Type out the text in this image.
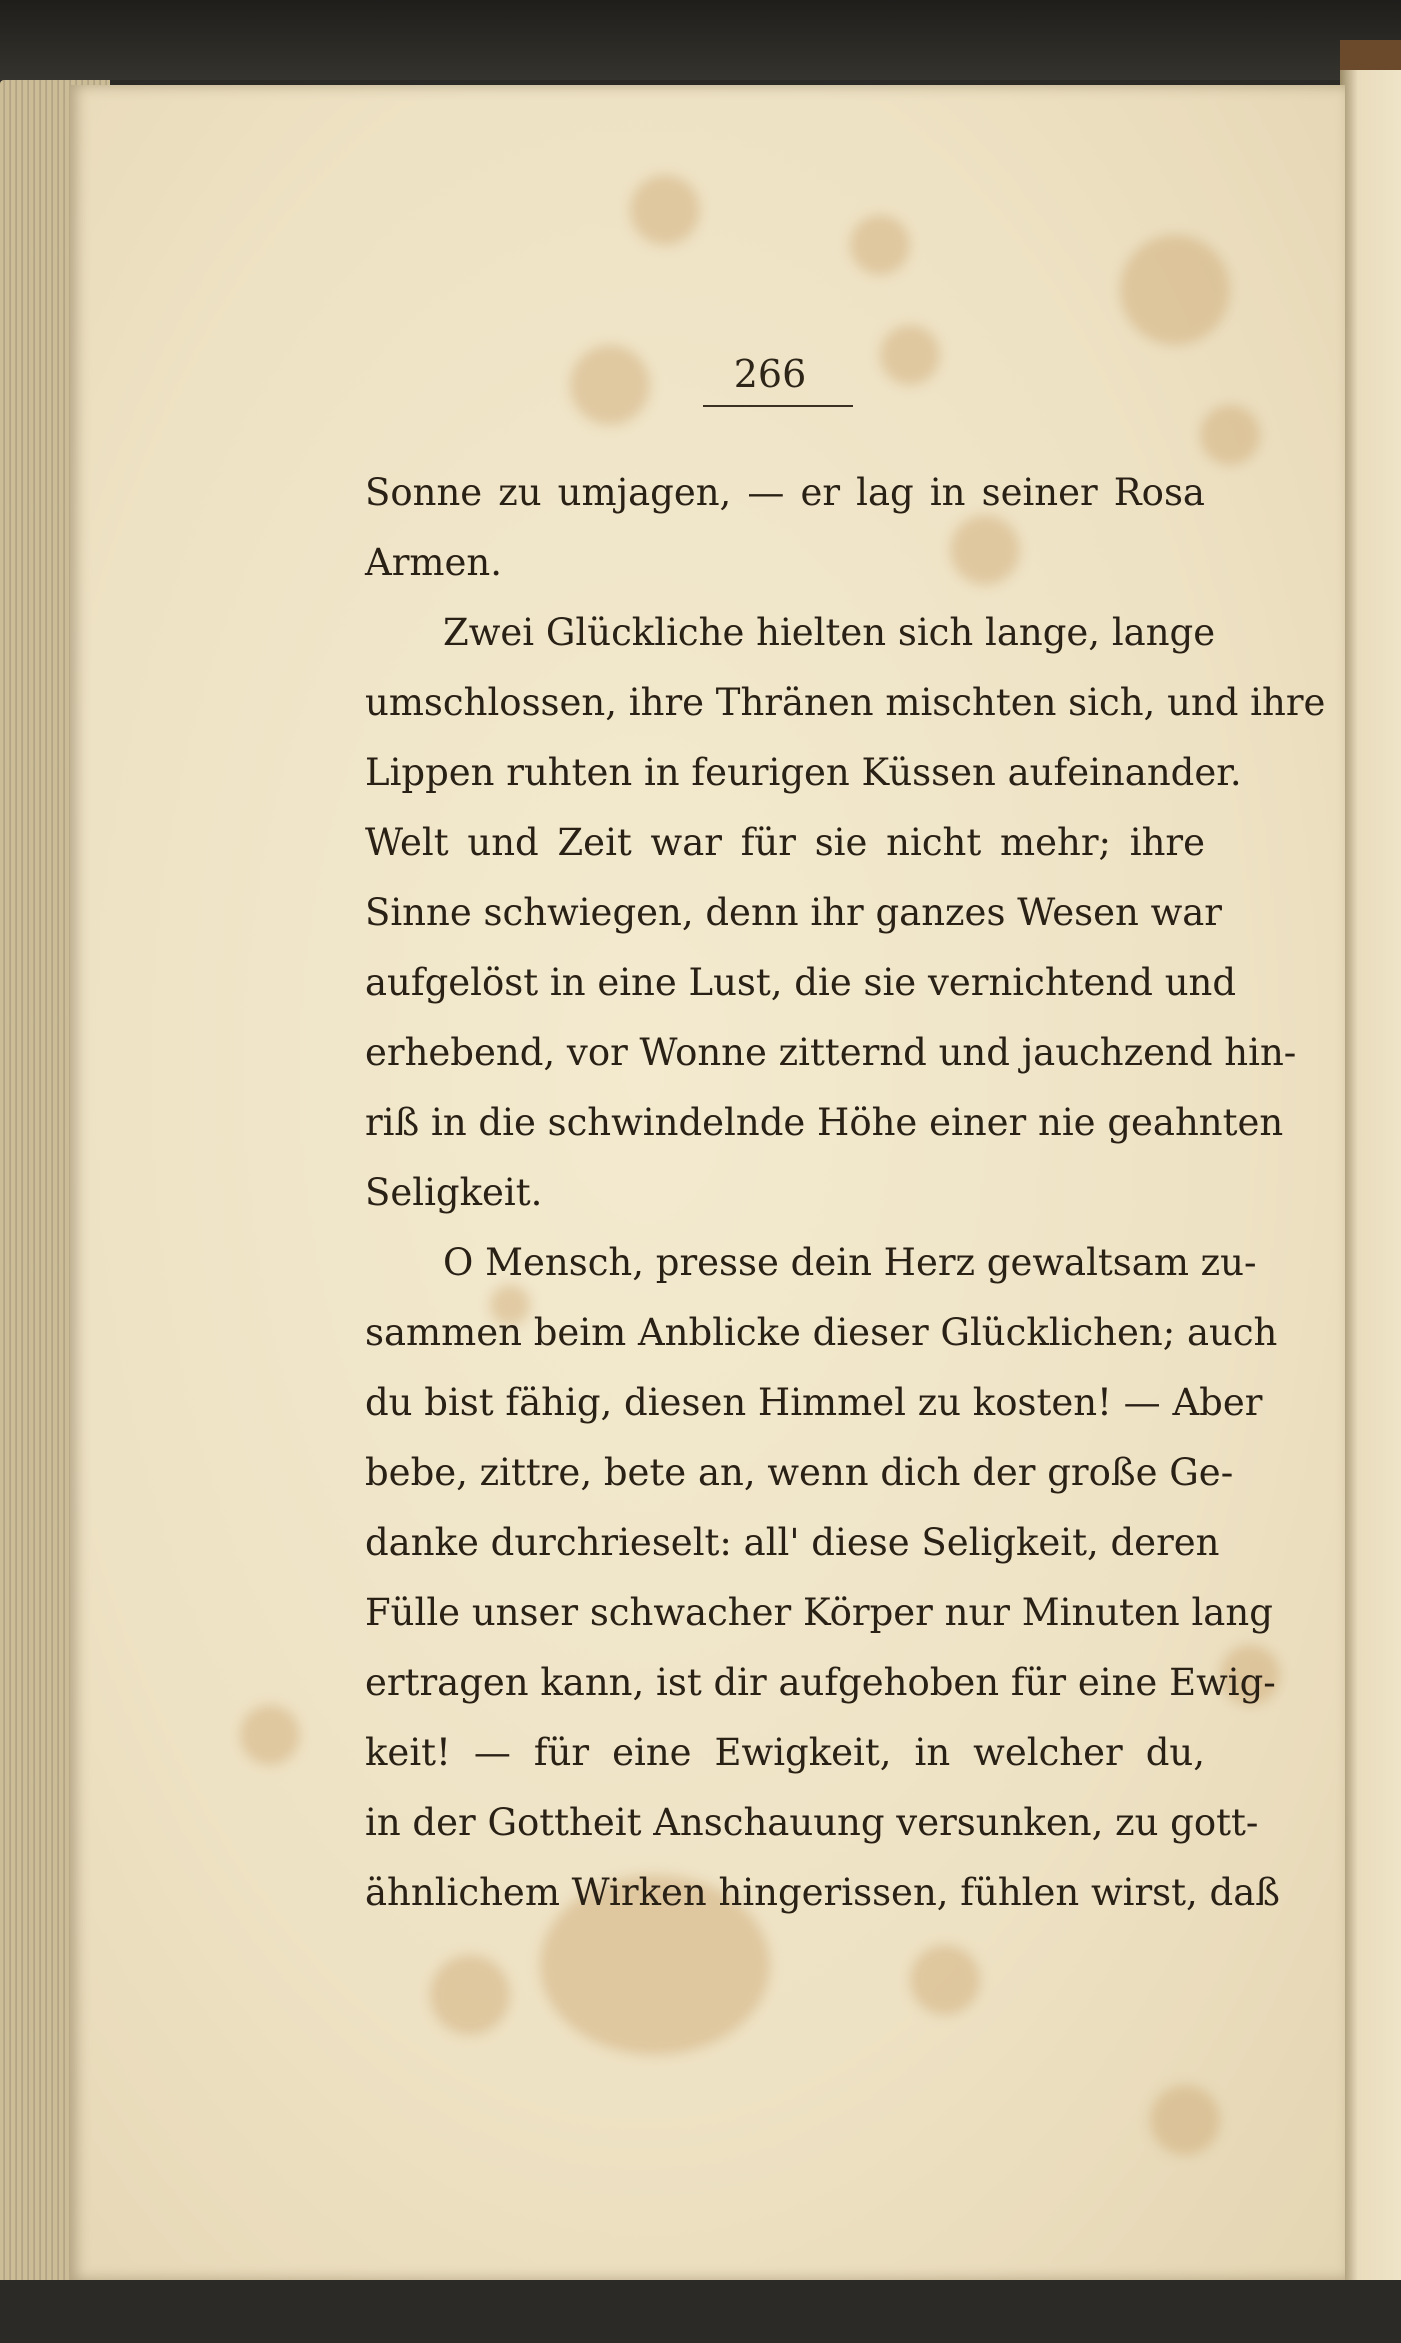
266
Sonne zu umjagen, — er lag in seiner Rosa
Armen.
Zwei Glückliche hielten sich lange, lange
umschlossen, ihre Thränen mischten sich, und ihre
Lippen ruhten in feurigen Küssen aufeinander.
Welt und Zeit war für sie nicht mehr; ihre
Sinne schwiegen, denn ihr ganzes Wesen war
aufgelöst in eine Lust, die sie vernichtend und
erhebend, vor Wonne zitternd und jauchzend hin-
riß in die schwindelnde Höhe einer nie geahnten
Seligkeit.
O Mensch, presse dein Herz gewaltsam zu-
sammen beim Anblicke dieser Glücklichen; auch
du bist fähig, diesen Himmel zu kosten! — Aber
bebe, zittre, bete an, wenn dich der große Ge-
danke durchrieselt: all' diese Seligkeit, deren
Fülle unser schwacher Körper nur Minuten lang
ertragen kann, ist dir aufgehoben für eine Ewig-
keit! — für eine Ewigkeit, in welcher du,
in der Gottheit Anschauung versunken, zu gott-
ähnlichem Wirken hingerissen, fühlen wirst, daß
